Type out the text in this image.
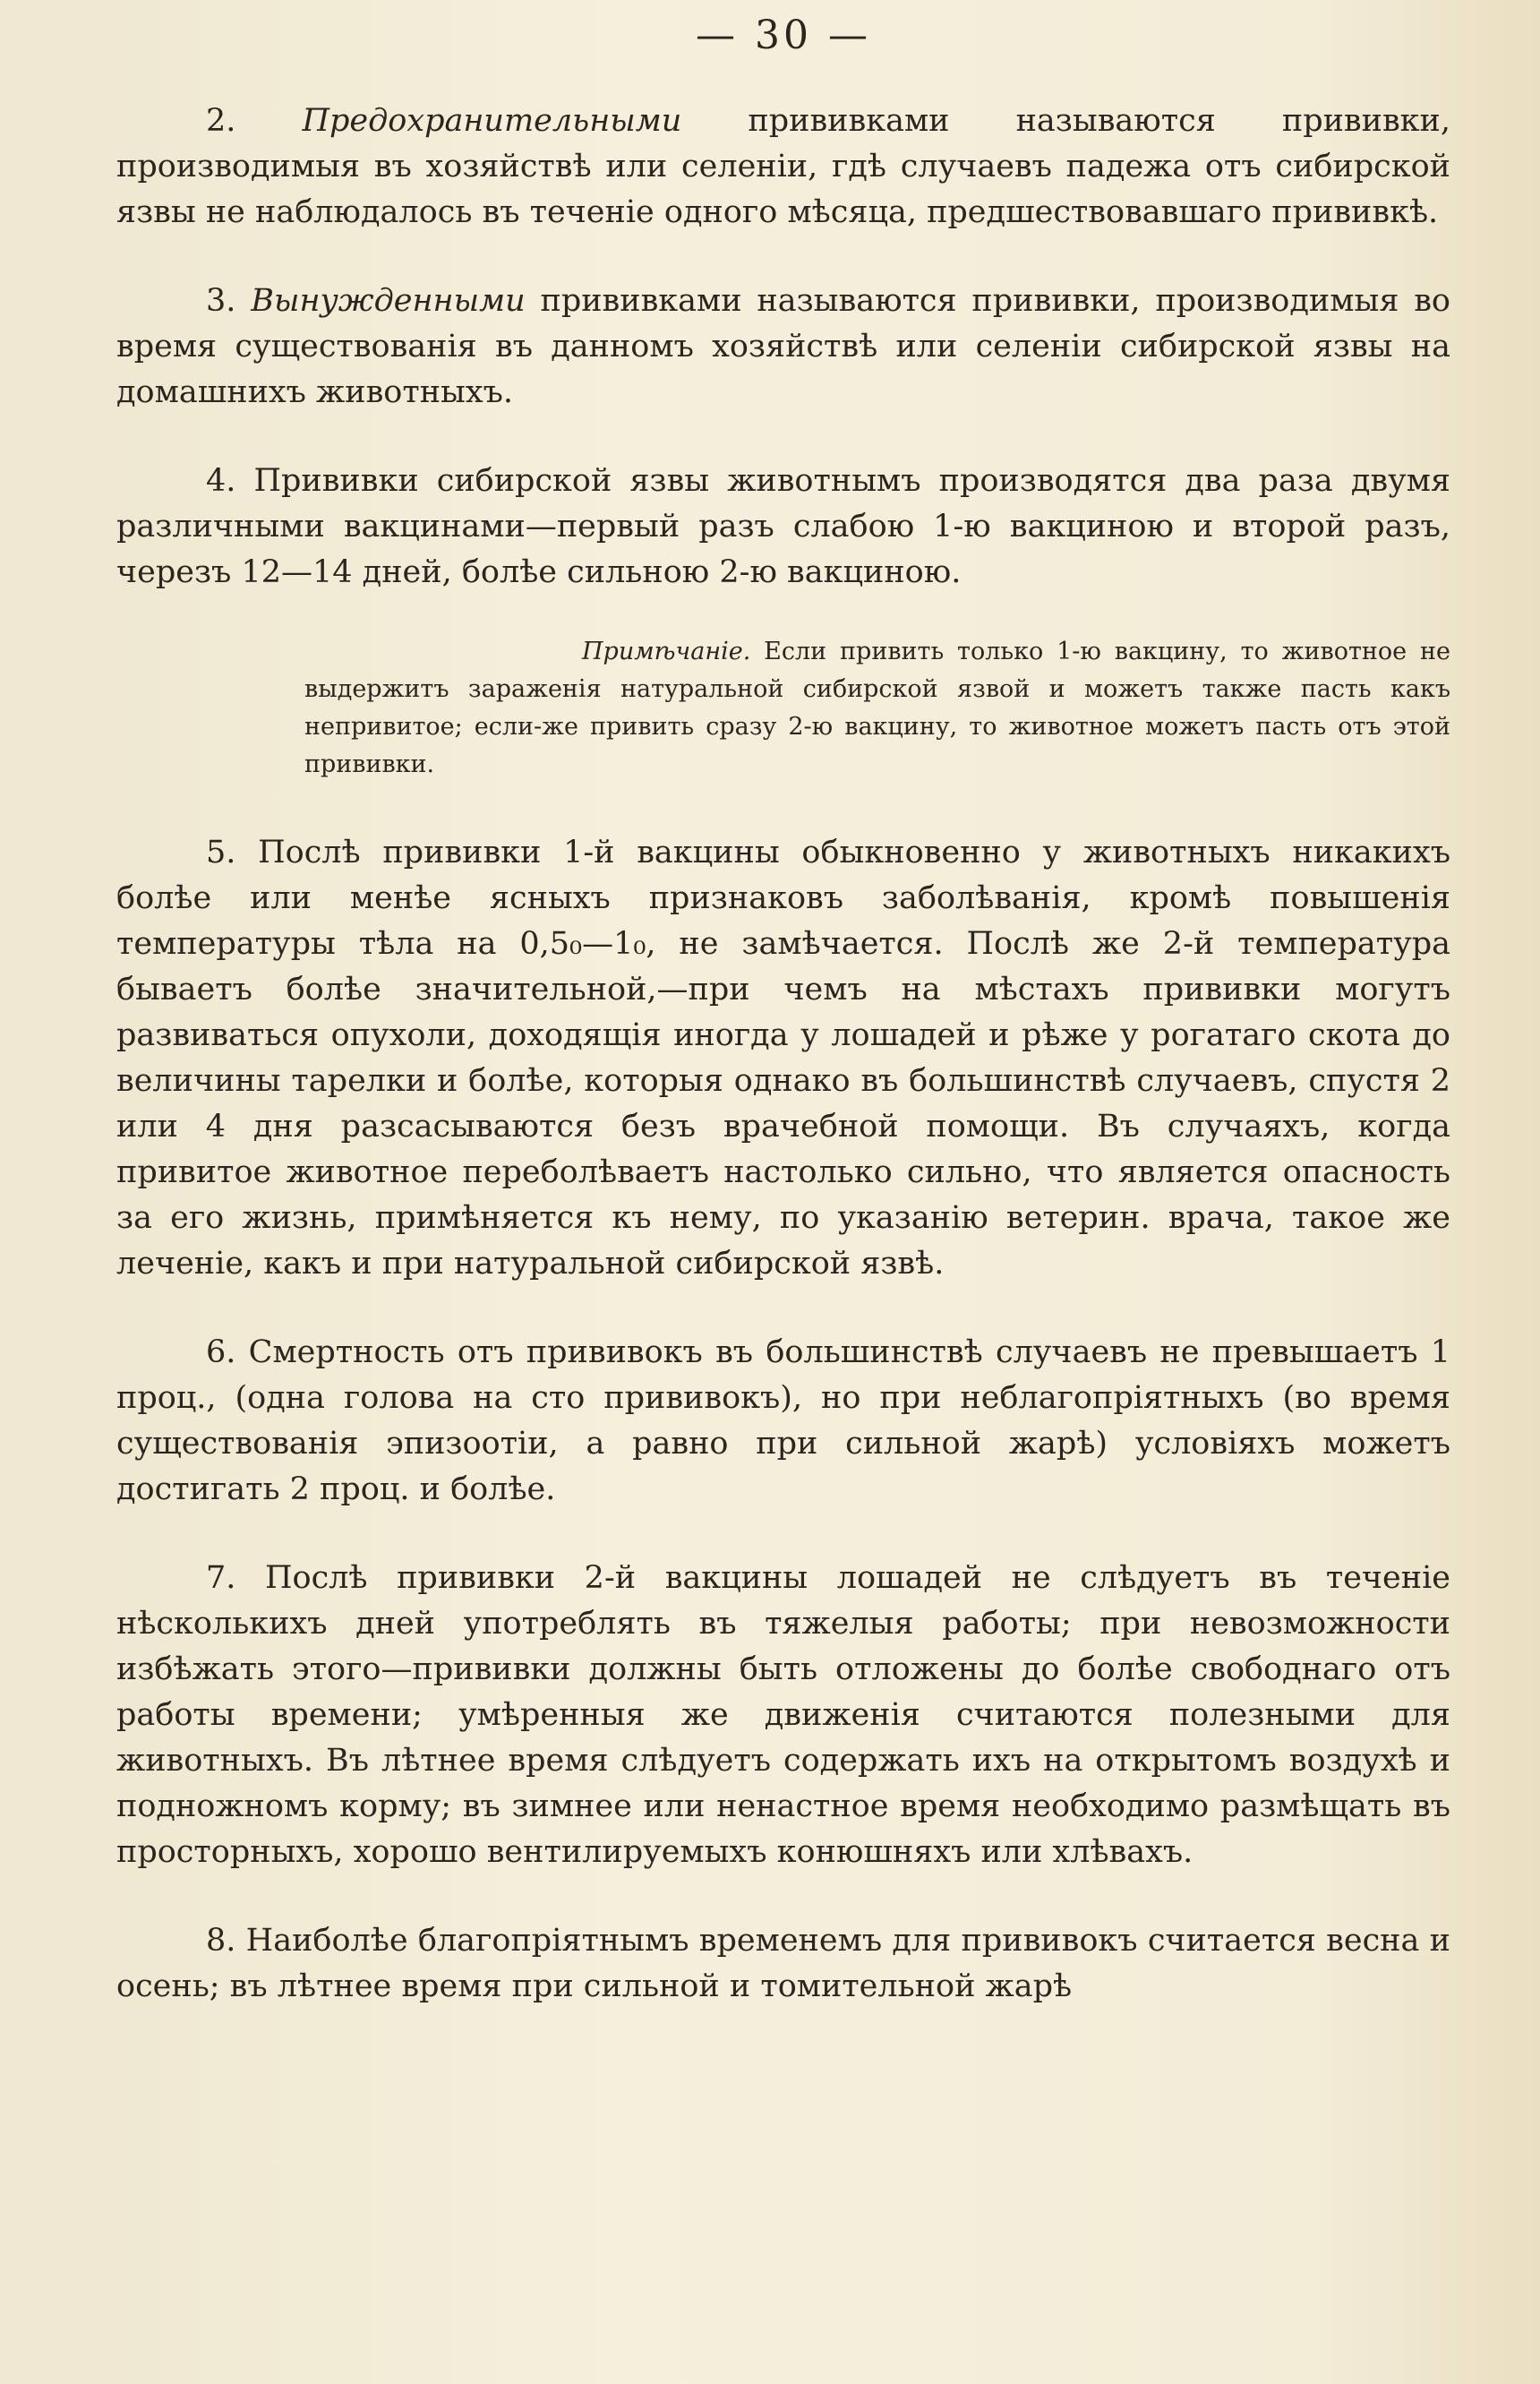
— 30 —

2. Предохранительными прививками называются прививки, производимыя въ хозяйствѣ или селенiи, гдѣ случаевъ падежа отъ сибирской язвы не наблюдалось въ теченiе одного мѣсяца, предшествовавшаго прививкѣ.

3. Вынужденными прививками называются прививки, производимыя во время существованiя въ данномъ хозяйствѣ или селенiи сибирской язвы на домашнихъ животныхъ.

4. Прививки сибирской язвы животнымъ производятся два раза двумя различными вакцинами—первый разъ слабою 1-ю вакциною и второй разъ, черезъ 12—14 дней, болѣе сильною 2-ю вакциною.

Примѣчанiе. Если привить только 1-ю вакцину, то животное не выдержитъ зараженiя натуральной сибирской язвой и можетъ также пасть какъ непривитое; если-же привить сразу 2-ю вакцину, то животное можетъ пасть отъ этой прививки.

5. Послѣ прививки 1-й вакцины обыкновенно у животныхъ никакихъ болѣе или менѣе ясныхъ признаковъ заболѣванiя, кромѣ повышенiя температуры тѣла на 0,5₀—1₀, не замѣчается. Послѣ же 2-й температура бываетъ болѣе значительной,—при чемъ на мѣстахъ прививки могутъ развиваться опухоли, доходящiя иногда у лошадей и рѣже у рогатаго скота до величины тарелки и болѣе, которыя однако въ большинствѣ случаевъ, спустя 2 или 4 дня разсасываются безъ врачебной помощи. Въ случаяхъ, когда привитое животное переболѣваетъ настолько сильно, что является опасность за его жизнь, примѣняется къ нему, по указанiю ветерин. врача, такое же леченiе, какъ и при натуральной сибирской язвѣ.

6. Смертность отъ прививокъ въ большинствѣ случаевъ не превышаетъ 1 проц., (одна голова на сто прививокъ), но при неблагопрiятныхъ (во время существованiя эпизоотiи, а равно при сильной жарѣ) условiяхъ можетъ достигать 2 проц. и болѣе.

7. Послѣ прививки 2-й вакцины лошадей не слѣдуетъ въ теченiе нѣсколькихъ дней употреблять въ тяжелыя работы; при невозможности избѣжать этого—прививки должны быть отложены до болѣе свободнаго отъ работы времени; умѣренныя же движенiя считаются полезными для животныхъ. Въ лѣтнее время слѣдуетъ содержать ихъ на открытомъ воздухѣ и подножномъ корму; въ зимнее или ненастное время необходимо размѣщать въ просторныхъ, хорошо вентилируемыхъ конюшняхъ или хлѣвахъ.

8. Наиболѣе благопрiятнымъ временемъ для прививокъ считается весна и осень; въ лѣтнее время при сильной и томительной жарѣ
